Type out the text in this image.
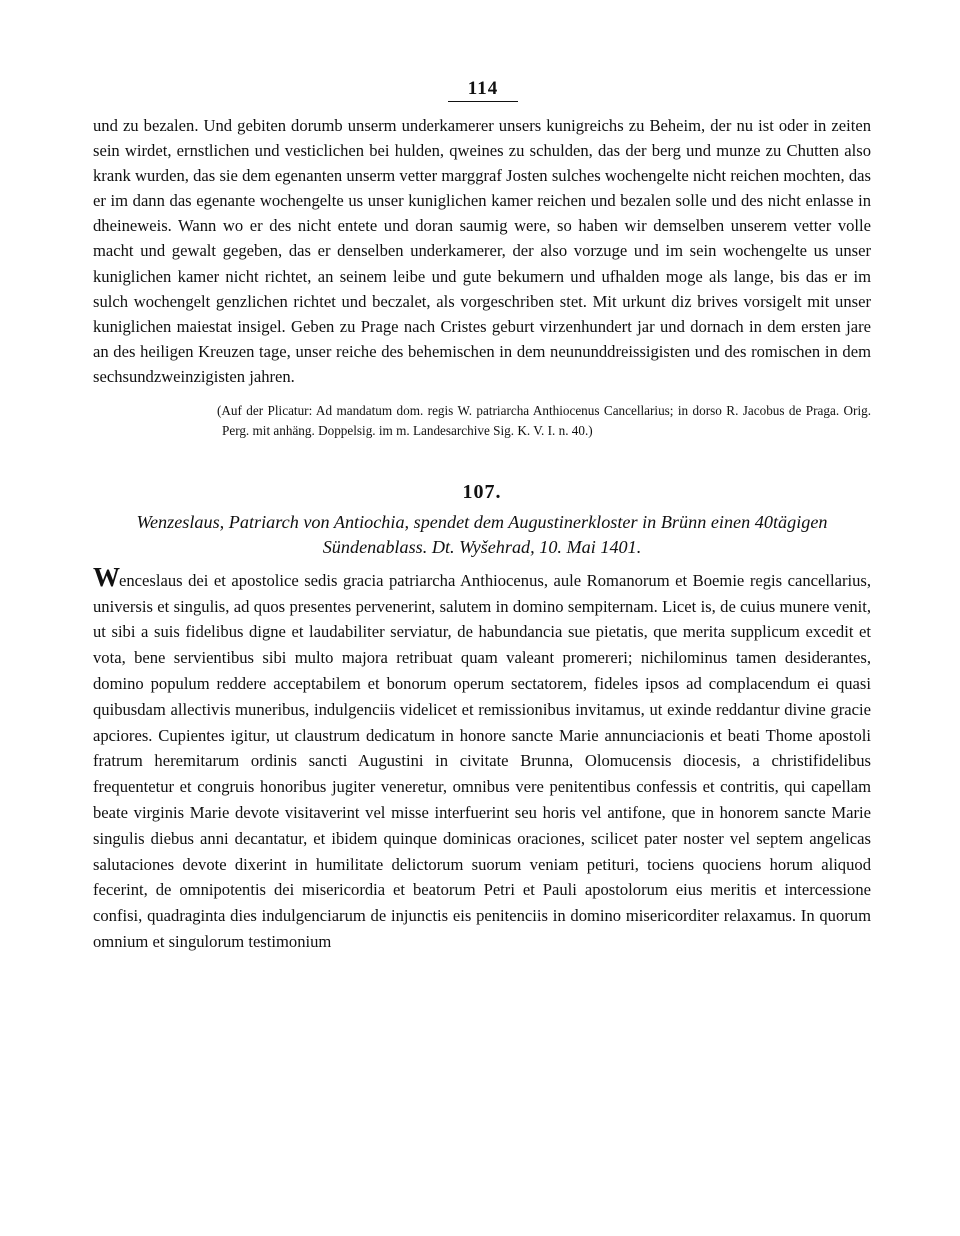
114
und zu bezalen. Und gebiten dorumb unserm underkamerer unsers kunigreichs zu Beheim, der nu ist oder in zeiten sein wirdet, ernstlichen und vesticlichen bei hulden, qweines zu schulden, das der berg und munze zu Chutten also krank wurden, das sie dem egenanten unserm vetter marggraf Josten sulches wochengelte nicht reichen mochten, das er im dann das egenante wochengelte us unser kuniglichen kamer reichen und bezalen solle und des nicht enlasse in dheineweis. Wann wo er des nicht entete und doran saumig were, so haben wir demselben unserem vetter volle macht und gewalt gegeben, das er denselben underkamerer, der also vorzuge und im sein wochengelte us unser kuniglichen kamer nicht richtet, an seinem leibe und gute bekumern und ufhalden moge als lange, bis das er im sulch wochengelt genzlichen richtet und beczalet, als vorgeschriben stet. Mit urkunt diz brives vorsigelt mit unser kuniglichen maiestat insigel. Geben zu Prage nach Cristes geburt virzenhundert jar und dornach in dem ersten jare an des heiligen Kreuzen tage, unser reiche des behemischen in dem neununddreissigisten und des romischen in dem sechsundzweinzigisten jahren.
(Auf der Plicatur: Ad mandatum dom. regis W. patriarcha Anthiocenus Cancellarius; in dorso R. Jacobus de Praga. Orig. Perg. mit anhäng. Doppelsig. im m. Landesarchive Sig. K. V. I. n. 40.)
107.
Wenzeslaus, Patriarch von Antiochia, spendet dem Augustinerkloster in Brünn einen 40tägigen Sündenablass. Dt. Wyšehrad, 10. Mai 1401.
Wenceslaus dei et apostolice sedis gracia patriarcha Anthiocenus, aule Romanorum et Boemie regis cancellarius, universis et singulis, ad quos presentes pervenerint, salutem in domino sempiternam. Licet is, de cuius munere venit, ut sibi a suis fidelibus digne et laudabiliter serviatur, de habundancia sue pietatis, que merita supplicum excedit et vota, bene servientibus sibi multo majora retribuat quam valeant promereri; nichilominus tamen desiderantes, domino populum reddere acceptabilem et bonorum operum sectatorem, fideles ipsos ad complacendum ei quasi quibusdam allectivis muneribus, indulgenciis videlicet et remissionibus invitamus, ut exinde reddantur divine gracie apciores. Cupientes igitur, ut claustrum dedicatum in honore sancte Marie annunciacionis et beati Thome apostoli fratrum heremitarum ordinis sancti Augustini in civitate Brunna, Olomucensis diocesis, a christifidelibus frequentetur et congruis honoribus jugiter veneretur, omnibus vere penitentibus confessis et contritis, qui capellam beate virginis Marie devote visitaverint vel misse interfuerint seu horis vel antifone, que in honorem sancte Marie singulis diebus anni decantatur, et ibidem quinque dominicas oraciones, scilicet pater noster vel septem angelicas salutaciones devote dixerint in humilitate delictorum suorum veniam petituri, tociens quociens horum aliquod fecerint, de omnipotentis dei misericordia et beatorum Petri et Pauli apostolorum eius meritis et intercessione confisi, quadraginta dies indulgenciarum de injunctis eis penitenciis in domino misericorditer relaxamus. In quorum omnium et singulorum testimonium
